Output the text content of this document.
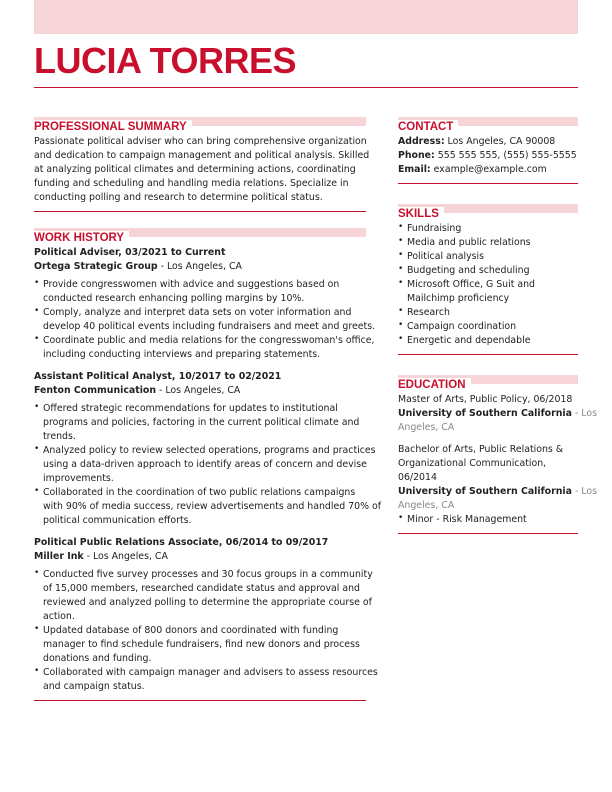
LUCIA TORRES
PROFESSIONAL SUMMARY
Passionate political adviser who can bring comprehensive organization
and dedication to campaign management and political analysis. Skilled
at analyzing political climates and determining actions, coordinating
funding and scheduling and handling media relations. Specialize in
conducting polling and research to determine political status.
WORK HISTORY
Political Adviser, 03/2021 to Current
Ortega Strategic Group - Los Angeles, CA
• Provide congresswomen with advice and suggestions based on
conducted research enhancing polling margins by 10%.
• Comply, analyze and interpret data sets on voter information and
develop 40 political events including fundraisers and meet and greets.
• Coordinate public and media relations for the congresswoman's office,
including conducting interviews and preparing statements.
Assistant Political Analyst, 10/2017 to 02/2021
Fenton Communication - Los Angeles, CA
• Offered strategic recommendations for updates to institutional
programs and policies, factoring in the current political climate and
trends.
• Analyzed policy to review selected operations, programs and practices
using a data-driven approach to identify areas of concern and devise
improvements.
• Collaborated in the coordination of two public relations campaigns
with 90% of media success, review advertisements and handled 70% of
political communication efforts.
Political Public Relations Associate, 06/2014 to 09/2017
Miller Ink - Los Angeles, CA
• Conducted five survey processes and 30 focus groups in a community
of 15,000 members, researched candidate status and approval and
reviewed and analyzed polling to determine the appropriate course of
action.
• Updated database of 800 donors and coordinated with funding
manager to find schedule fundraisers, find new donors and process
donations and funding.
• Collaborated with campaign manager and advisers to assess resources
and campaign status.
CONTACT
Address: Los Angeles, CA 90008
Phone: 555 555 555, (555) 555-5555
Email: example@example.com
SKILLS
• Fundraising
• Media and public relations
• Political analysis
• Budgeting and scheduling
• Microsoft Office, G Suit and
Mailchimp proficiency
• Research
• Campaign coordination
• Energetic and dependable
EDUCATION
Master of Arts, Public Policy, 06/2018
University of Southern California - Los
Angeles, CA
Bachelor of Arts, Public Relations &
Organizational Communication,
06/2014
University of Southern California - Los
Angeles, CA
• Minor - Risk Management
